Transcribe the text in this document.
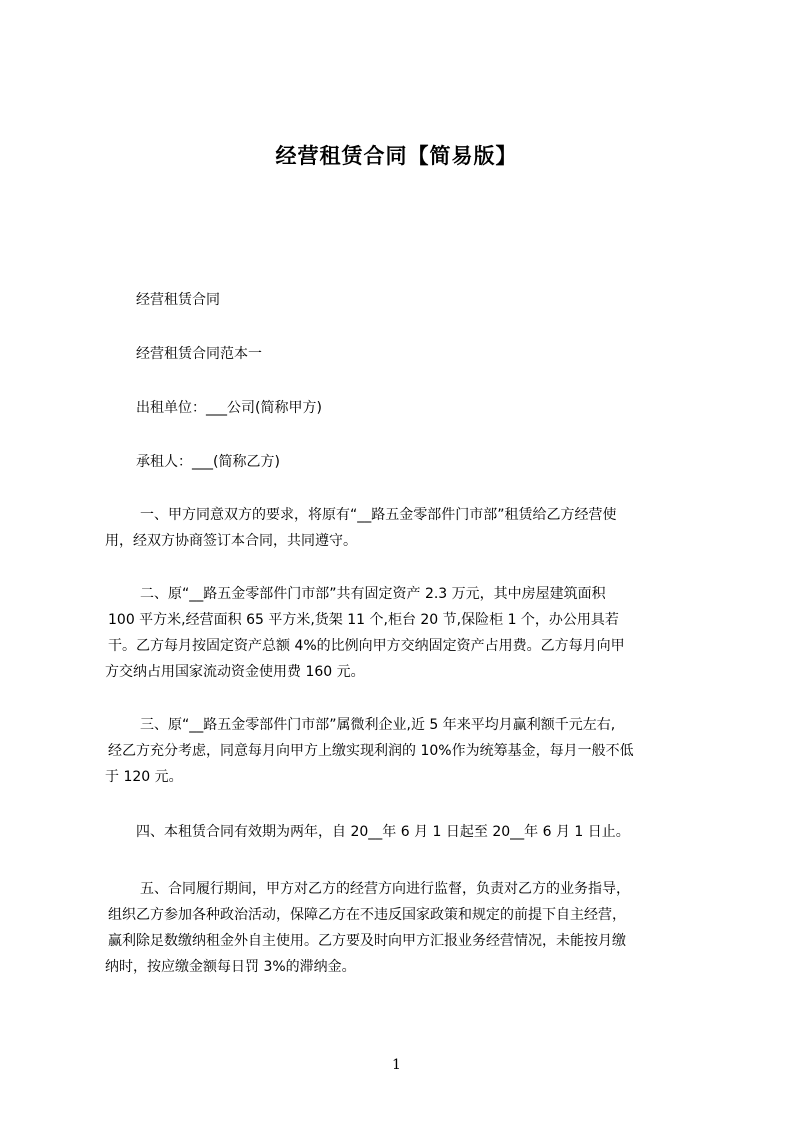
经营租赁合同【简易版】
经营租赁合同
经营租赁合同范本一
出租单位：___公司(简称甲方)
承租人：___(简称乙方)
一、甲方同意双方的要求，将原有“__路五金零部件门市部”租赁给乙方经营使
用，经双方协商签订本合同，共同遵守。
二、原“__路五金零部件门市部”共有固定资产 2.3 万元，其中房屋建筑面积
100 平方米,经营面积 65 平方米,货架 11 个,柜台 20 节,保险柜 1 个，办公用具若
干。乙方每月按固定资产总额 4%的比例向甲方交纳固定资产占用费。乙方每月向甲
方交纳占用国家流动资金使用费 160 元。
三、原“__路五金零部件门市部”属微利企业,近 5 年来平均月赢利额千元左右,
经乙方充分考虑，同意每月向甲方上缴实现利润的 10%作为统筹基金，每月一般不低
于 120 元。
四、本租赁合同有效期为两年，自 20__年 6 月 1 日起至 20__年 6 月 1 日止。
五、合同履行期间，甲方对乙方的经营方向进行监督，负责对乙方的业务指导，
组织乙方参加各种政治活动，保障乙方在不违反国家政策和规定的前提下自主经营，
赢利除足数缴纳租金外自主使用。乙方要及时向甲方汇报业务经营情况，未能按月缴
纳时，按应缴金额每日罚 3%的滞纳金。
1
